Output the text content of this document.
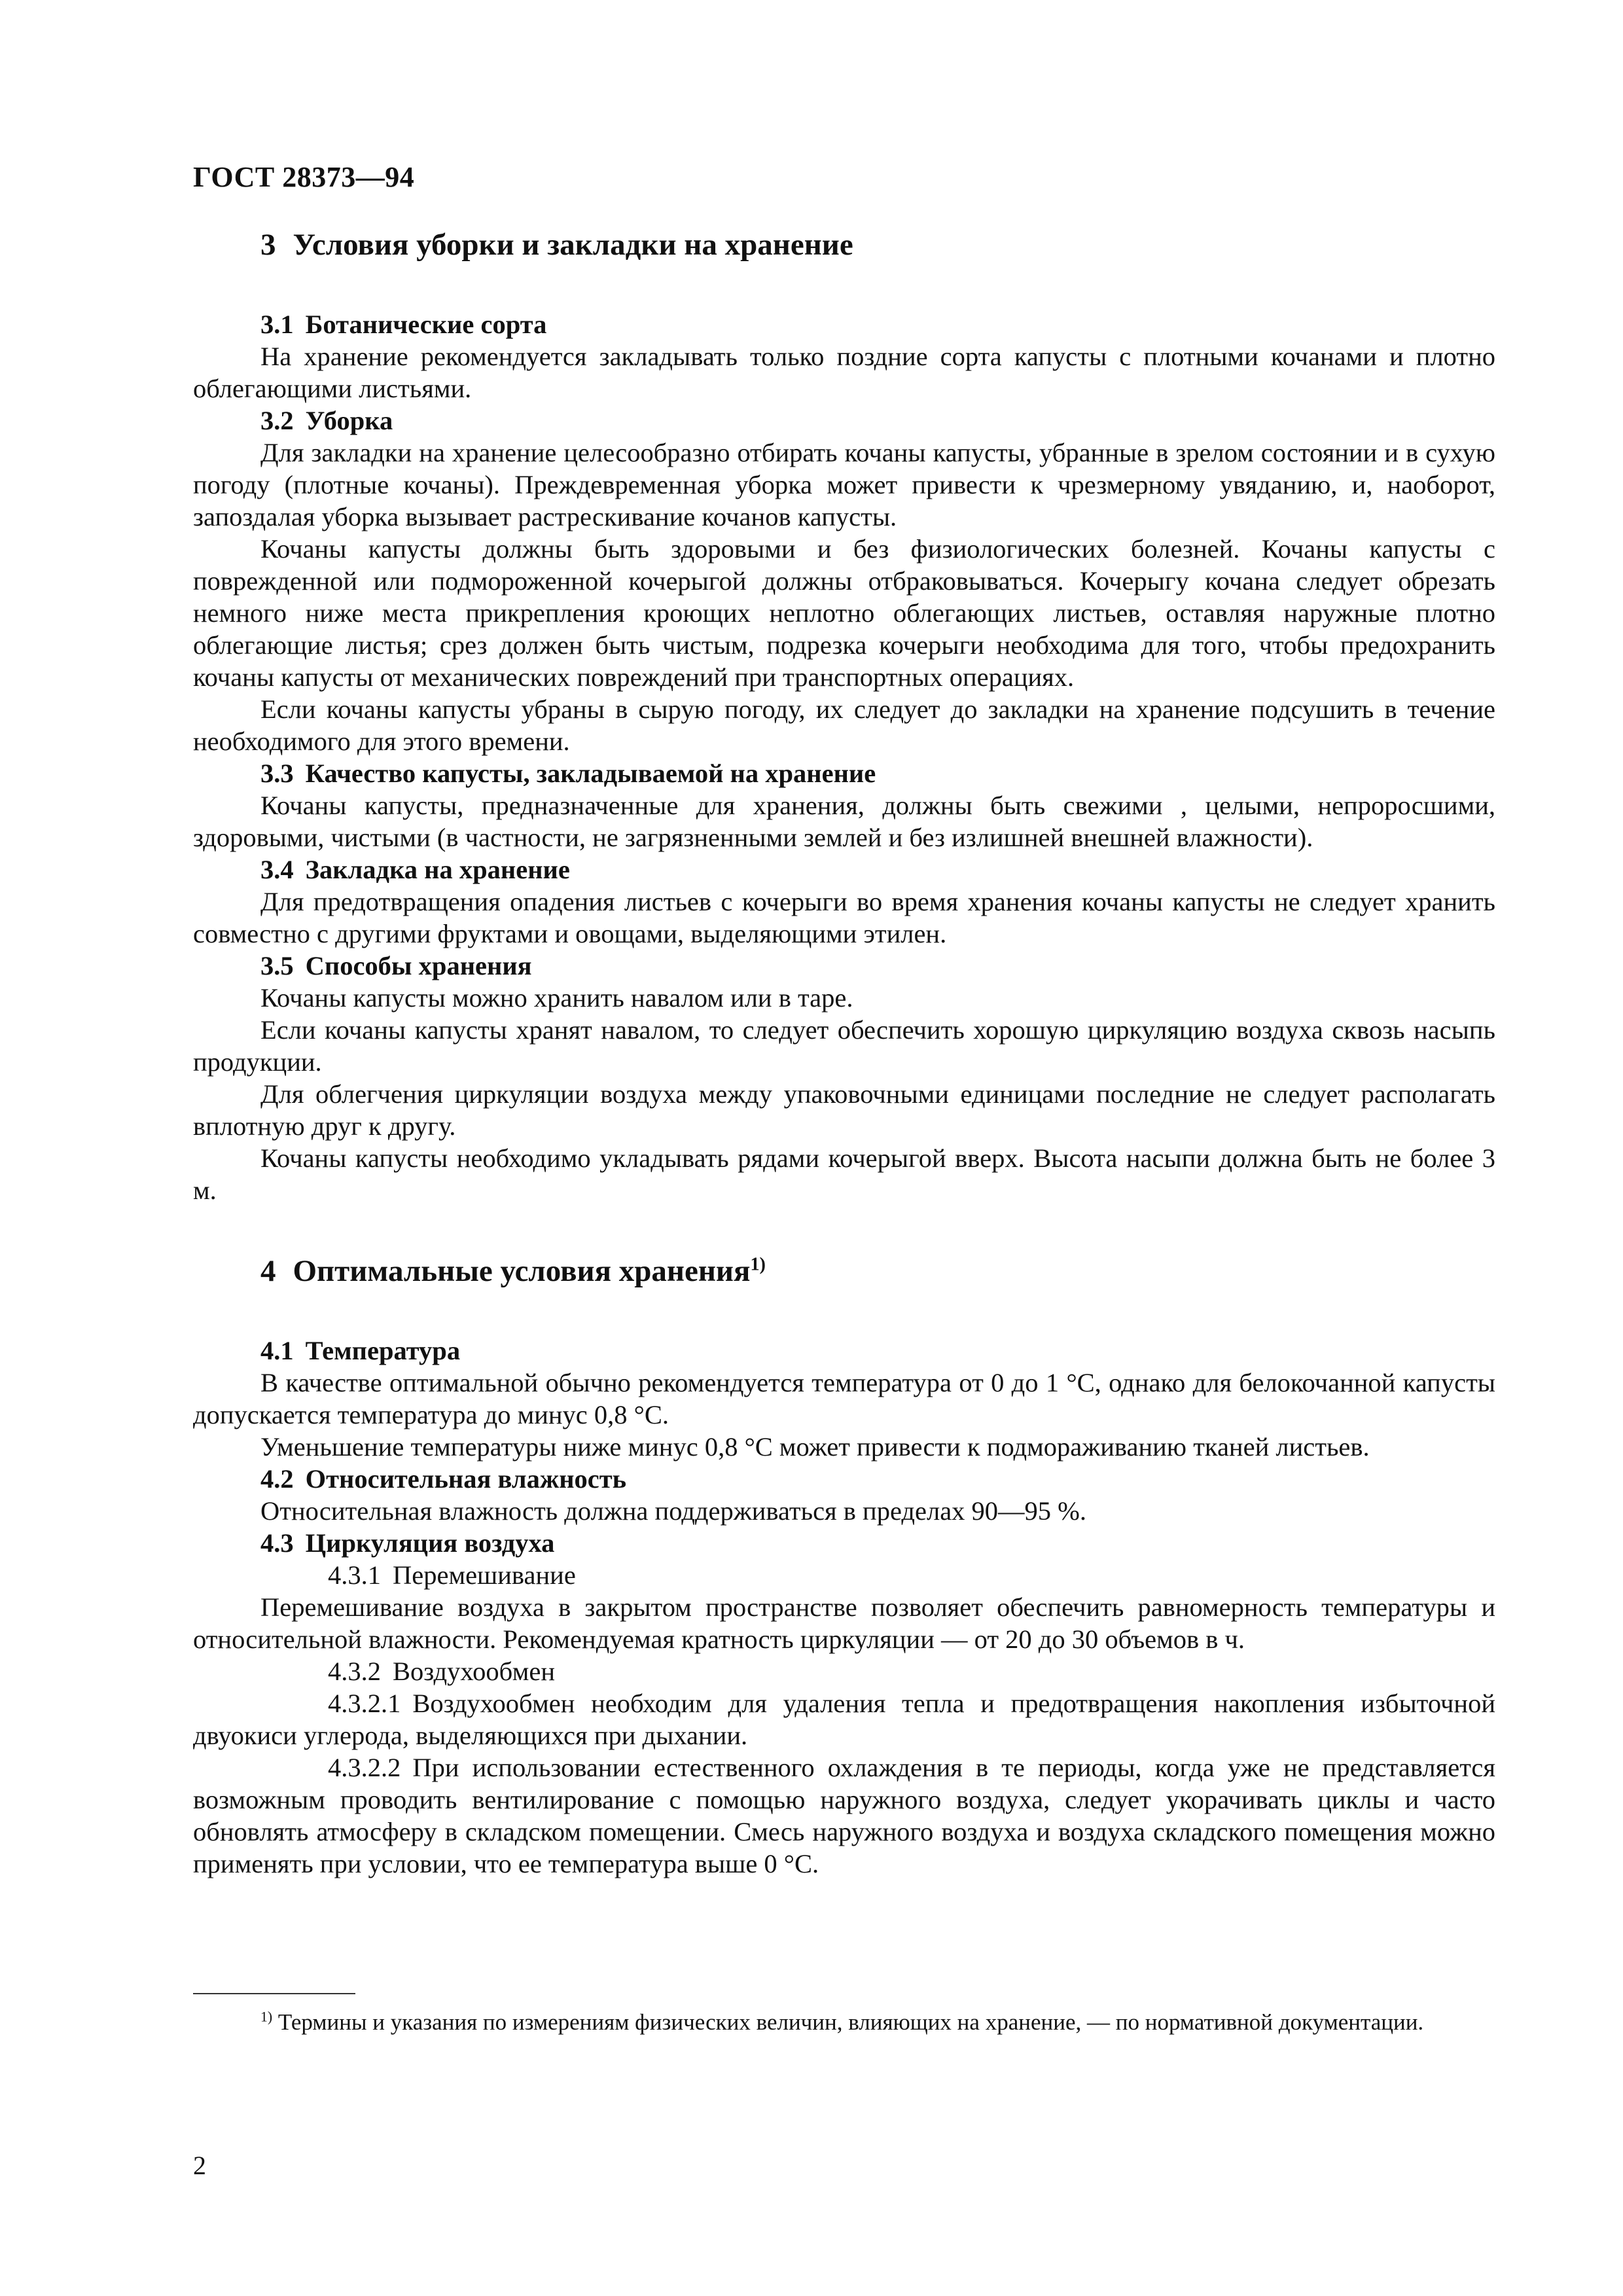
ГОСТ 28373—94
3 Условия уборки и закладки на хранение
3.1 Ботанические сорта

На хранение рекомендуется закладывать только поздние сорта капусты с плотными кочанами и плотно облегающими листьями.

3.2 Уборка

Для закладки на хранение целесообразно отбирать кочаны капусты, убранные в зрелом состоянии и в сухую погоду (плотные кочаны). Преждевременная уборка может привести к чрезмерному увяданию, и, наоборот, запоздалая уборка вызывает растрескивание кочанов капусты.

Кочаны капусты должны быть здоровыми и без физиологических болезней. Кочаны капусты с поврежденной или подмороженной кочерыгой должны отбраковываться. Кочерыгу кочана следует обрезать немного ниже места прикрепления кроющих неплотно облегающих листьев, оставляя наружные плотно облегающие листья; срез должен быть чистым, подрезка кочерыги необходима для того, чтобы предохранить кочаны капусты от механических повреждений при транспортных операциях.

Если кочаны капусты убраны в сырую погоду, их следует до закладки на хранение подсушить в течение необходимого для этого времени.

3.3 Качество капусты, закладываемой на хранение

Кочаны капусты, предназначенные для хранения, должны быть свежими , целыми, непроросшими, здоровыми, чистыми (в частности, не загрязненными землей и без излишней внешней влажности).

3.4 Закладка на хранение

Для предотвращения опадения листьев с кочерыги во время хранения кочаны капусты не следует хранить совместно с другими фруктами и овощами, выделяющими этилен.

3.5 Способы хранения

Кочаны капусты можно хранить навалом или в таре.

Если кочаны капусты хранят навалом, то следует обеспечить хорошую циркуляцию воздуха сквозь насыпь продукции.

Для облегчения циркуляции воздуха между упаковочными единицами последние не следует располагать вплотную друг к другу.

Кочаны капусты необходимо укладывать рядами кочерыгой вверх. Высота насыпи должна быть не более 3 м.

4 Оптимальные условия хранения$^{1)}$
4.1 Температура

В качестве оптимальной обычно рекомендуется температура от 0 до 1 °С, однако для белокочанной капусты допускается температура до минус 0,8 °С.

Уменьшение температуры ниже минус 0,8 °С может привести к подмораживанию тканей листьев.

4.2 Относительная влажность

Относительная влажность должна поддерживаться в пределах 90—95 %.

4.3 Циркуляция воздуха

4.3.1 Перемешивание

Перемешивание воздуха в закрытом пространстве позволяет обеспечить равномерность температуры и относительной влажности. Рекомендуемая кратность циркуляции — от 20 до 30 объемов в ч.

4.3.2 Воздухообмен

4.3.2.1 Воздухообмен необходим для удаления тепла и предотвращения накопления избыточной двуокиси углерода, выделяющихся при дыхании.

4.3.2.2 При использовании естественного охлаждения в те периоды, когда уже не представляется возможным проводить вентилирование с помощью наружного воздуха, следует укорачивать циклы и часто обновлять атмосферу в складском помещении. Смесь наружного воздуха и воздуха складского помещения можно применять при условии, что ее температура выше 0 °С.

$^{1)}$ Термины и указания по измерениям физических величин, влияющих на хранение, — по нормативной документации.
2
